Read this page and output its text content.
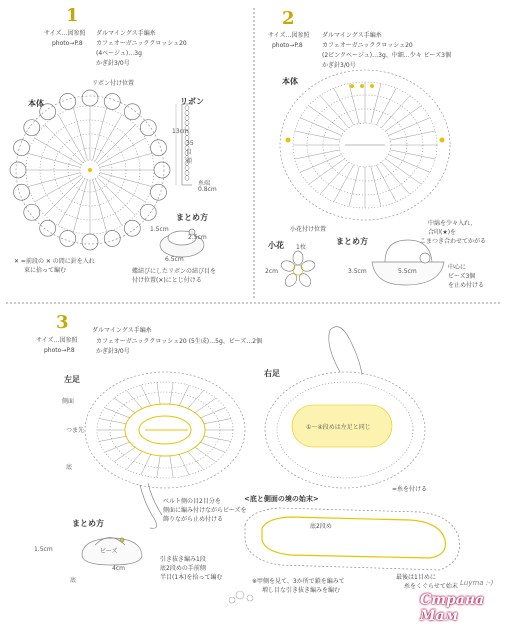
1
サイズ…図参照
photo→P.8
ダルマイングス手編糸
カフェオーガニッククロッシェ20
(4ベージュ)…3g
かぎ針3/0号
リボン付け位置
本体	リボン
13cm
35目鎖
糸端
0.8cm
まとめ方
1.5cm
2.5cm
6.5cm
✕ =前段の ✕ の間に針を入れ
束に拾って編む	蝶結びにしたリボンの結び目を
付け位置(✕)にとじ付ける
2
サイズ…図参照
photo→P.8
ダルマイングス手編糸
カフェオーガニッククロッシェ20
(2ピンクベージュ)…3g、中細…少々 ビーズ3個
かぎ針3/0号
本体
小花付け位置
小花 1枚
まとめ方
2cm	3.5cm	5.5cm
中綿を少々入れ、
合印(★)を
こまつき合わせてかがる
中心に
ビーズ3個
を止め付ける
3
サイズ…図参照
photo→P.8
ダルマイングス手編糸
カフェオーガニッククロッシェ20 (5生成)…5g、ビーズ…2個
かぎ針3/0号
左足
右足
側面
つま先
底
①～④段めは左足と同じ
=糸を付ける
<底と側面の境の始末>
底2段め
まとめ方
ベルト側の目2目分を
側面に編み付けながらビーズを
飾りながら止め付ける
引き抜き編み1段
底2段めの手前側
半目(1本)を拾って編む
ビーズ
1.5cm
4cm
底	※甲側を見て、3か所で鎖を編みて
増し目な引き抜き編みを編む
最後は1目めに
糸をくぐらせて始末 Luyma :-)
Страна Мам
